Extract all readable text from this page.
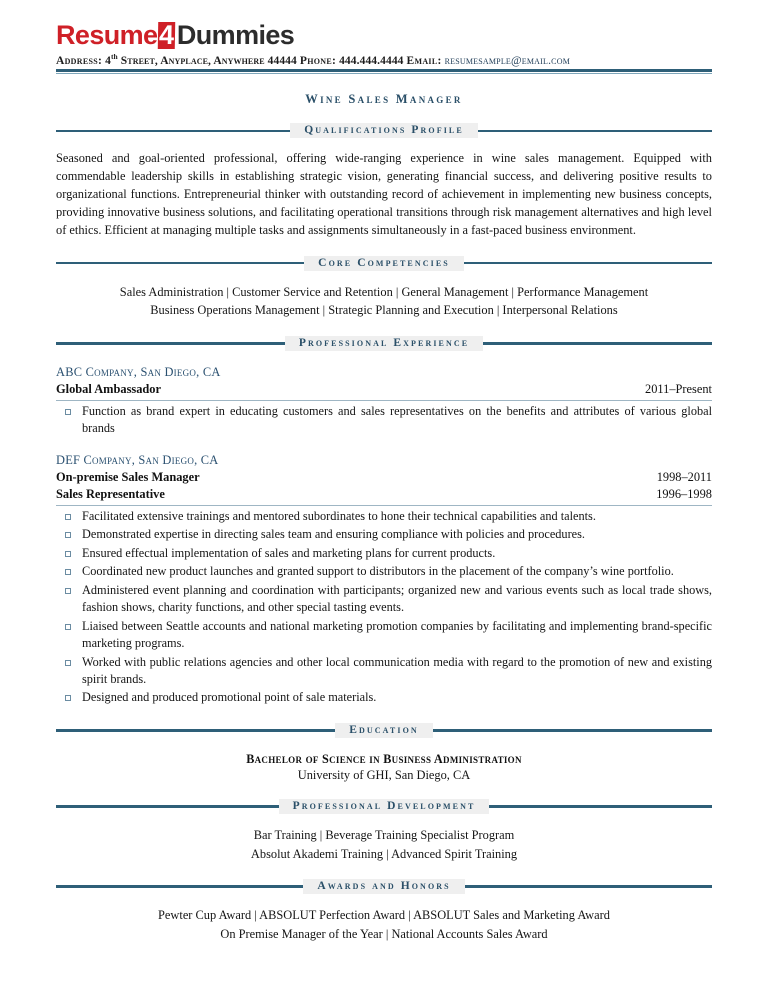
Resume4 Dummies
Address: 4th Street, Anyplace, Anywhere 44444 Phone: 444.444.4444 Email: resumesample@email.com
Wine Sales Manager
Qualifications Profile
Seasoned and goal-oriented professional, offering wide-ranging experience in wine sales management. Equipped with commendable leadership skills in establishing strategic vision, generating financial success, and delivering positive results to organizational functions. Entrepreneurial thinker with outstanding record of achievement in implementing new business concepts, providing innovative business solutions, and facilitating operational transitions through risk management alternatives and high level of ethics. Efficient at managing multiple tasks and assignments simultaneously in a fast-paced business environment.
Core Competencies
Sales Administration | Customer Service and Retention | General Management | Performance Management
Business Operations Management | Strategic Planning and Execution | Interpersonal Relations
Professional Experience
ABC Company, San Diego, CA
Global Ambassador	2011–Present
Function as brand expert in educating customers and sales representatives on the benefits and attributes of various global brands
DEF Company, San Diego, CA
On-premise Sales Manager	1998–2011
Sales Representative	1996–1998
Facilitated extensive trainings and mentored subordinates to hone their technical capabilities and talents.
Demonstrated expertise in directing sales team and ensuring compliance with policies and procedures.
Ensured effectual implementation of sales and marketing plans for current products.
Coordinated new product launches and granted support to distributors in the placement of the company’s wine portfolio.
Administered event planning and coordination with participants; organized new and various events such as local trade shows, fashion shows, charity functions, and other special tasting events.
Liaised between Seattle accounts and national marketing promotion companies by facilitating and implementing brand-specific marketing programs.
Worked with public relations agencies and other local communication media with regard to the promotion of new and existing spirit brands.
Designed and produced promotional point of sale materials.
Education
Bachelor of Science in Business Administration
University of GHI, San Diego, CA
Professional Development
Bar Training | Beverage Training Specialist Program
Absolut Akademi Training | Advanced Spirit Training
Awards and Honors
Pewter Cup Award | ABSOLUT Perfection Award | ABSOLUT Sales and Marketing Award
On Premise Manager of the Year | National Accounts Sales Award
